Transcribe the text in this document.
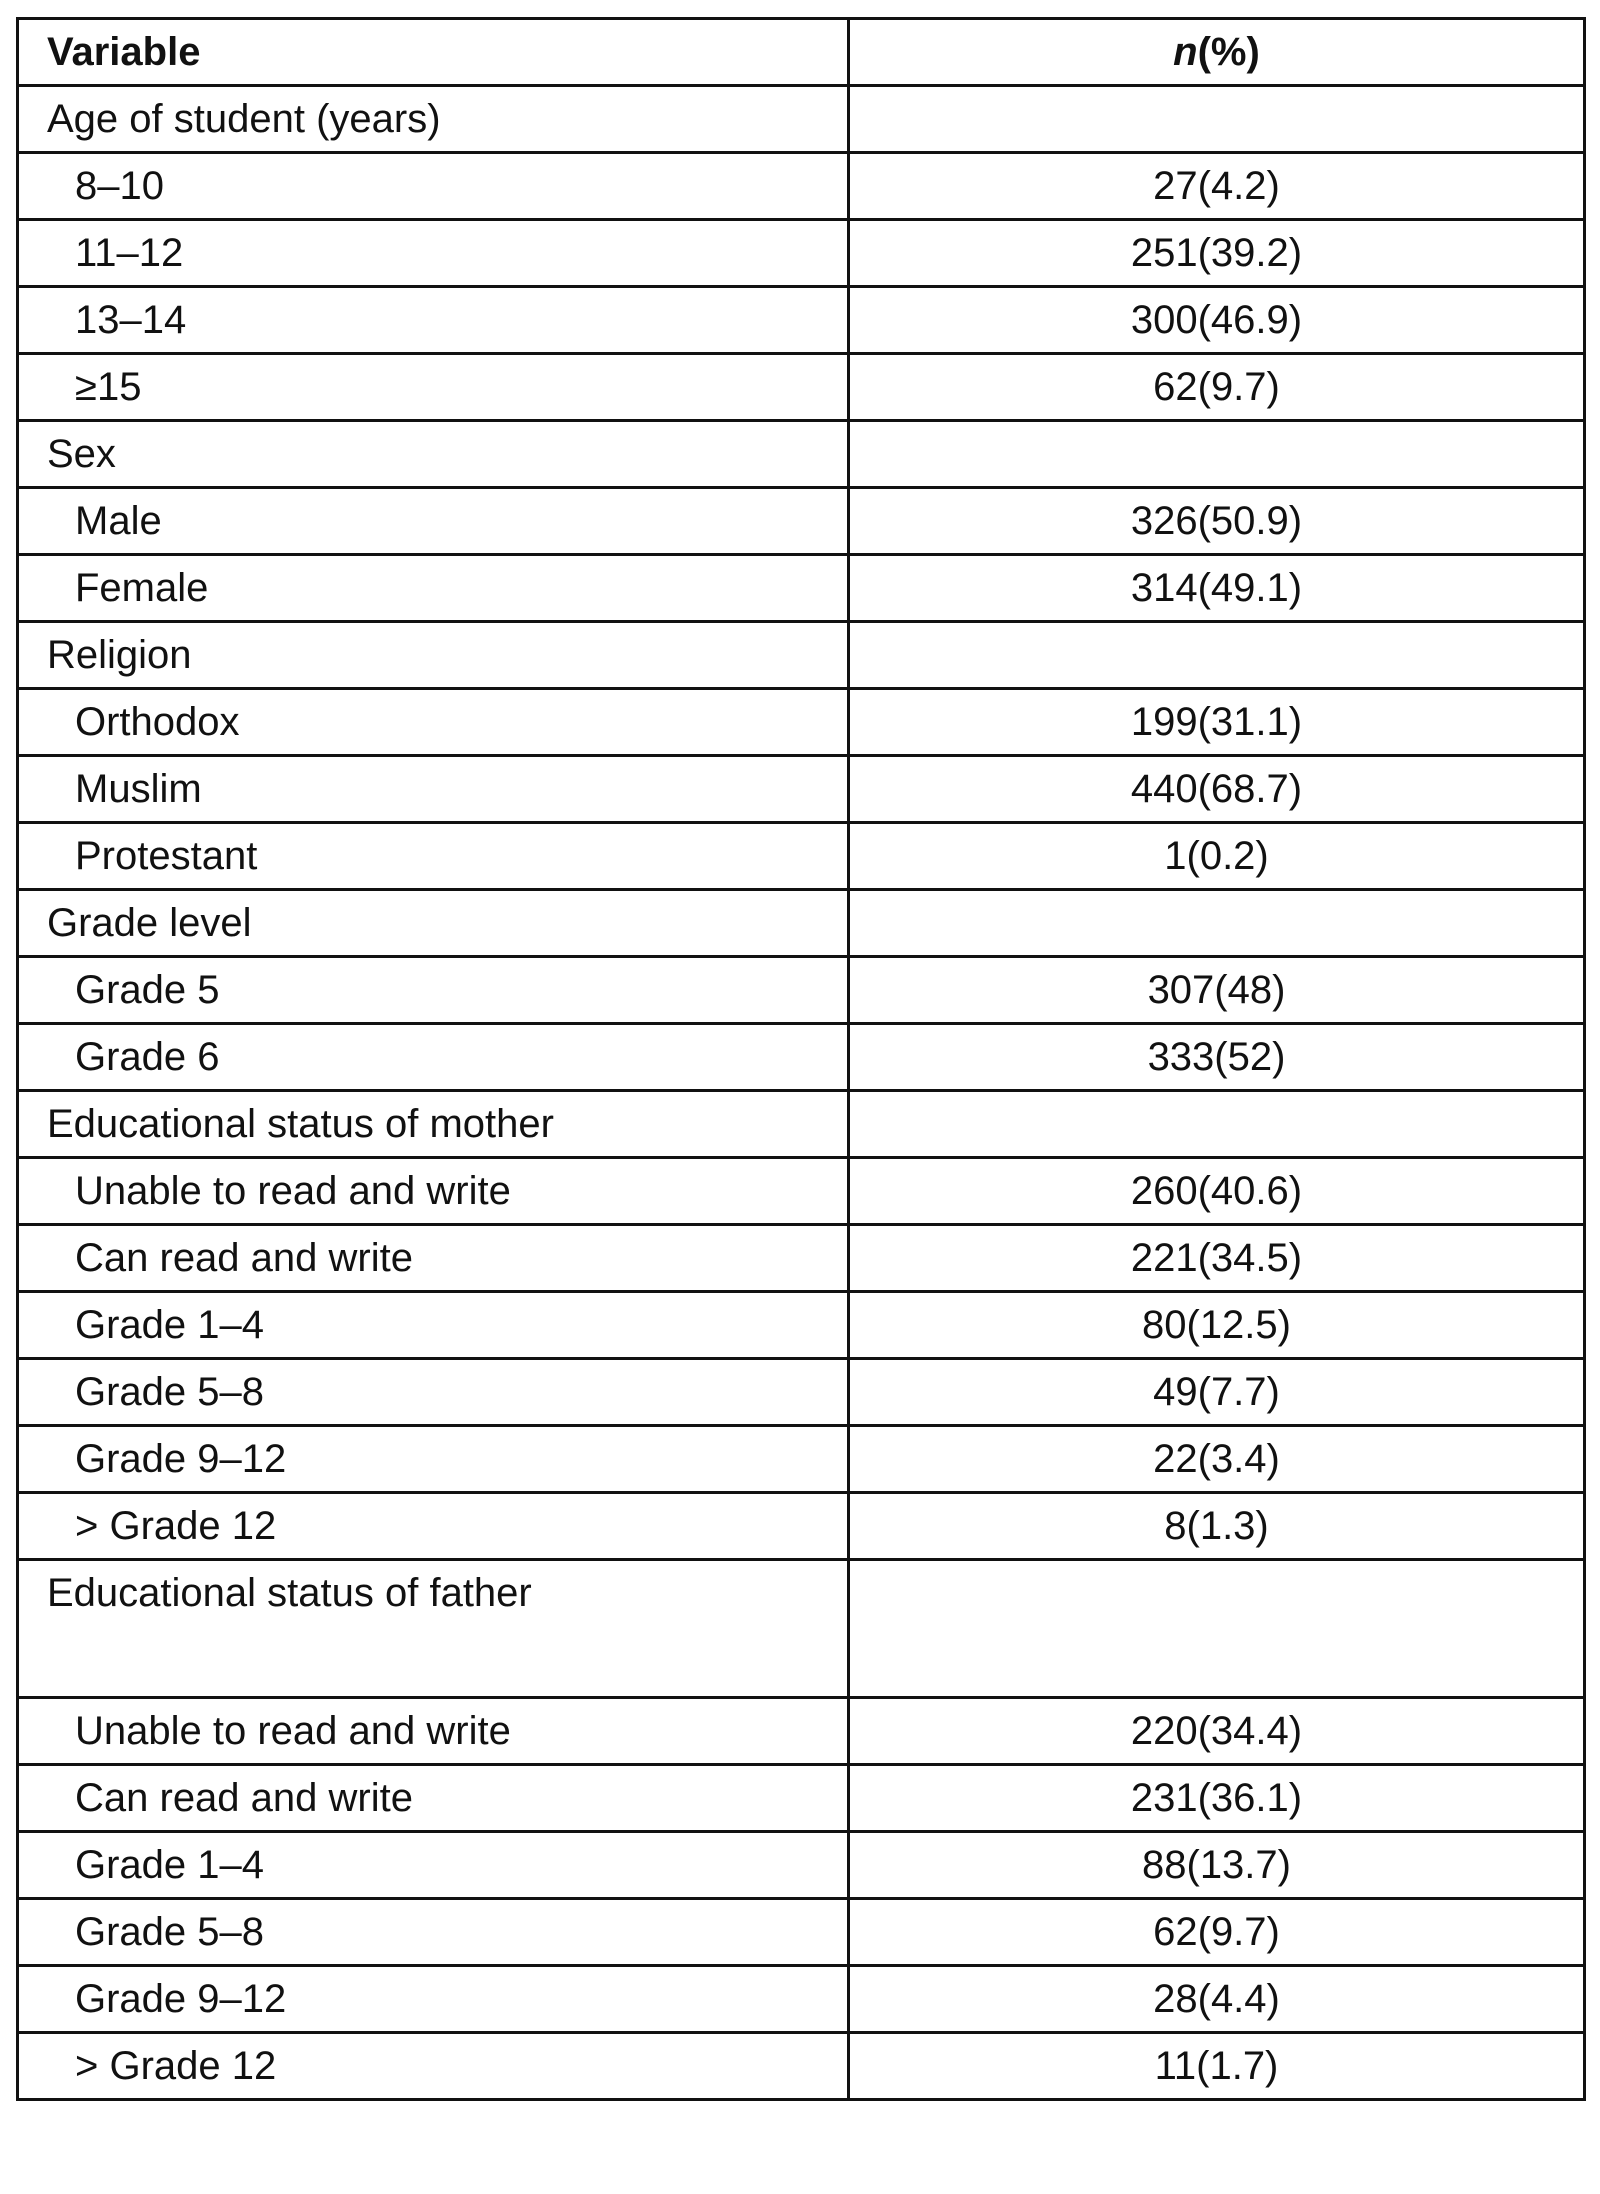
Variable	n(%)
Age of student (years)	
8–10	27(4.2)
11–12	251(39.2)
13–14	300(46.9)
≥15	62(9.7)
Sex	
Male	326(50.9)
Female	314(49.1)
Religion	
Orthodox	199(31.1)
Muslim	440(68.7)
Protestant	1(0.2)
Grade level	
Grade 5	307(48)
Grade 6	333(52)
Educational status of mother	
Unable to read and write	260(40.6)
Can read and write	221(34.5)
Grade 1–4	80(12.5)
Grade 5–8	49(7.7)
Grade 9–12	22(3.4)
> Grade 12	8(1.3)
Educational status of father	
Unable to read and write	220(34.4)
Can read and write	231(36.1)
Grade 1–4	88(13.7)
Grade 5–8	62(9.7)
Grade 9–12	28(4.4)
> Grade 12	11(1.7)
